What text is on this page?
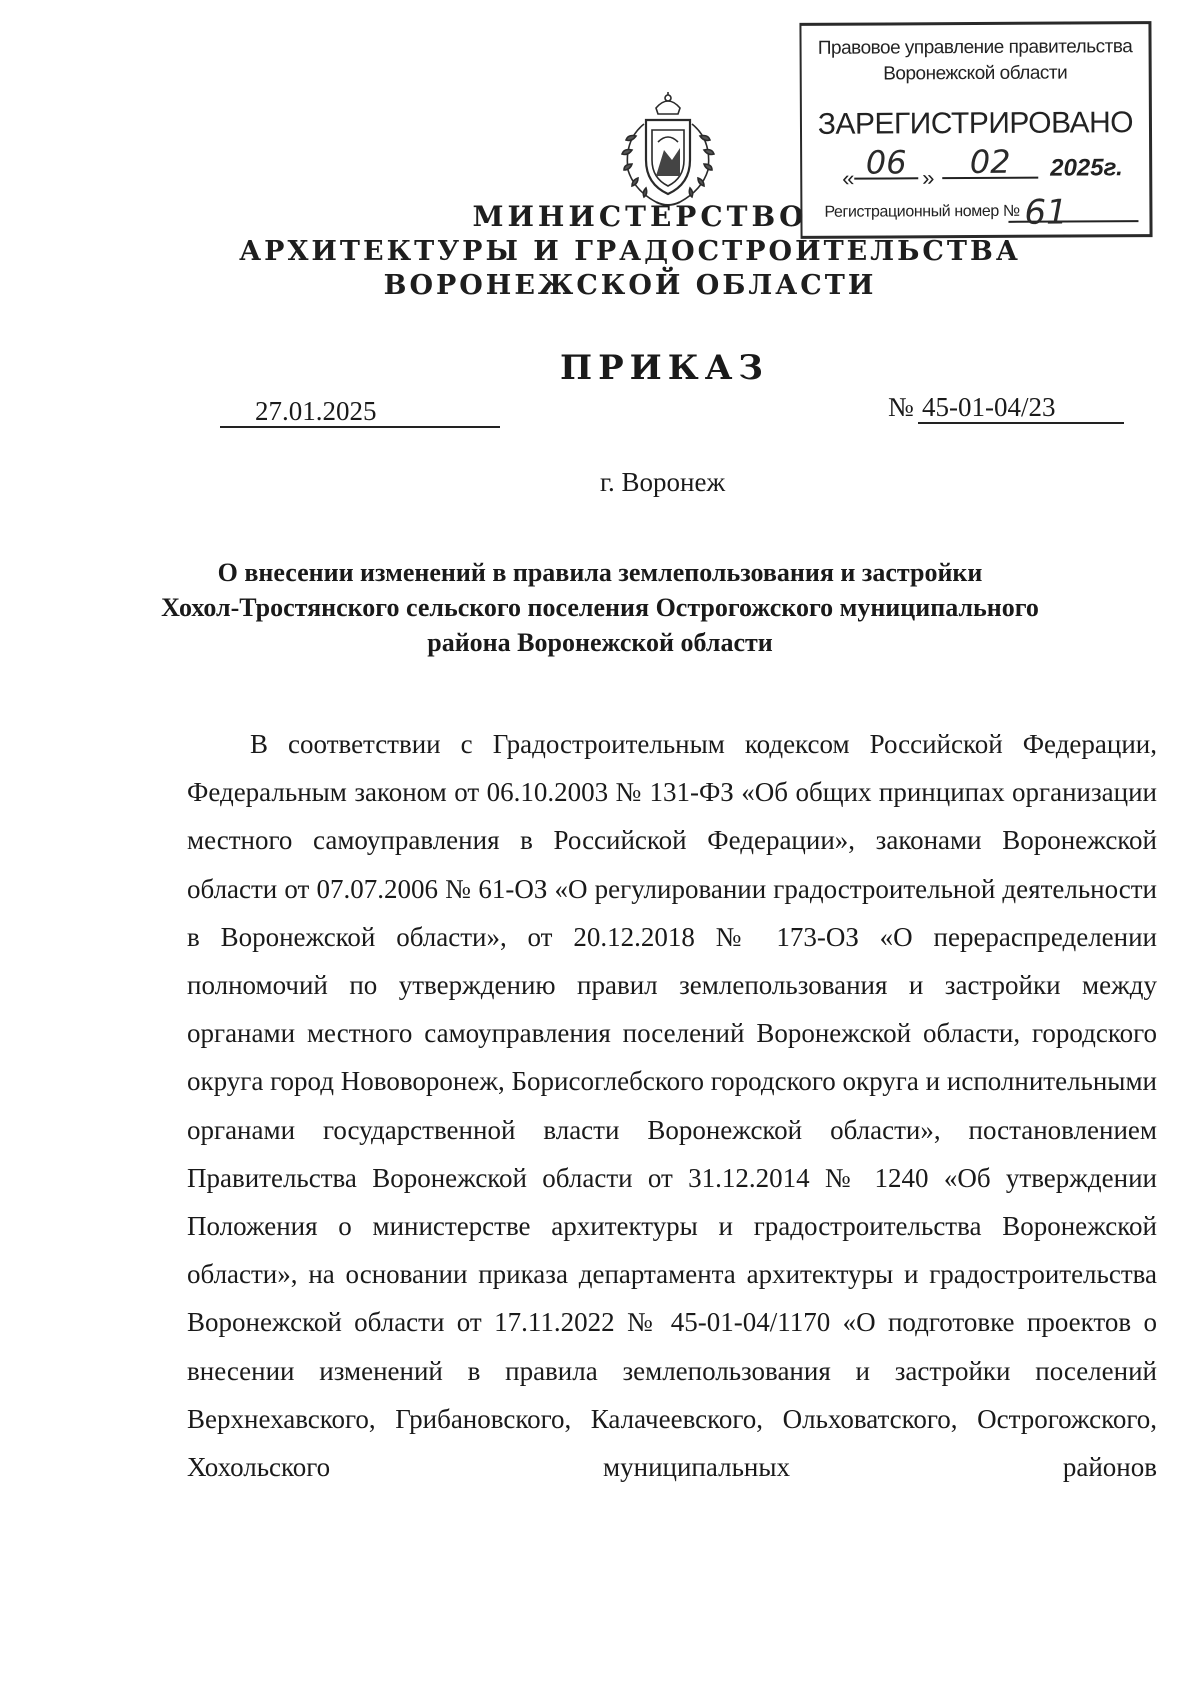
МИНИСТЕРСТВО
АРХИТЕКТУРЫ И ГРАДОСТРОИТЕЛЬСТВА
ВОРОНЕЖСКОЙ ОБЛАСТИ
Правовое управление правительства
Воронежской области
ЗАРЕГИСТРИРОВАНО
« 06 »	02	2025г.
Регистрационный номер № 61
ПРИКАЗ
27.01.2025	№ 45-01-04/23
г. Воронеж
О внесении изменений в правила землепользования и застройки
Хохол-Тростянского сельского поселения Острогожского муниципального
района Воронежской области

В соответствии с Градостроительным кодексом Российской Федерации, Федеральным законом от 06.10.2003 № 131-ФЗ «Об общих принципах организации местного самоуправления в Российской Федерации», законами Воронежской области от 07.07.2006 № 61-ОЗ «О регулировании градостроительной деятельности в Воронежской области», от 20.12.2018 № 173-ОЗ «О перераспределении полномочий по утверждению правил землепользования и застройки между органами местного самоуправления поселений Воронежской области, городского округа город Нововоронеж, Борисоглебского городского округа и исполнительными органами государственной власти Воронежской области», постановлением Правительства Воронежской области от 31.12.2014 № 1240 «Об утверждении Положения о министерстве архитектуры и градостроительства Воронежской области», на основании приказа департамента архитектуры и градостроительства Воронежской области от 17.11.2022 № 45-01-04/1170 «О подготовке проектов о внесении изменений в правила землепользования и застройки поселений Верхнехавского, Грибановского, Калачеевского, Ольховатского, Острогожского, Хохольского муниципальных районов
